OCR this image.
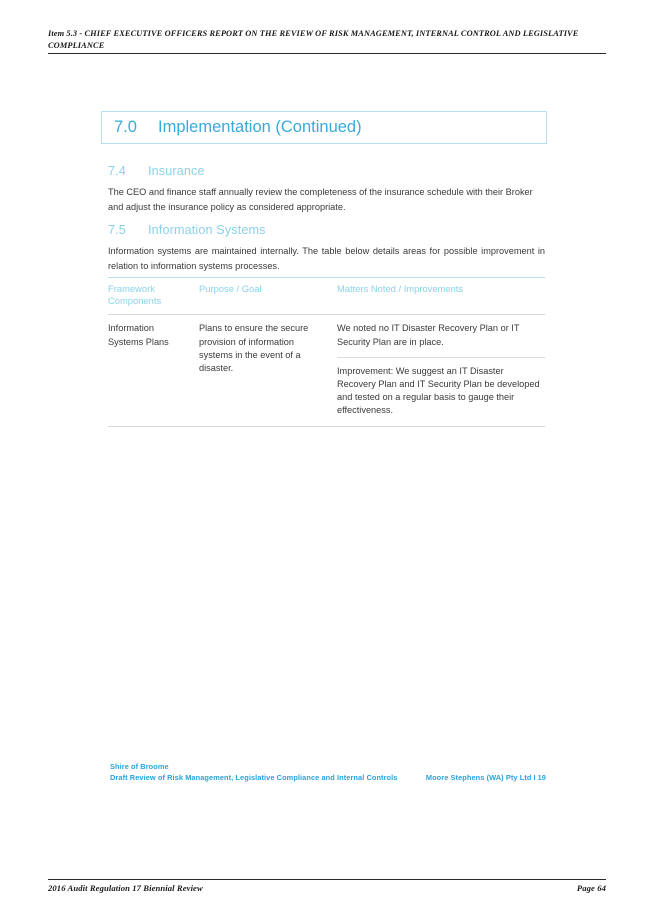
Item 5.3 - CHIEF EXECUTIVE OFFICERS REPORT ON THE REVIEW OF RISK MANAGEMENT, INTERNAL CONTROL AND LEGISLATIVE COMPLIANCE
7.0	Implementation (Continued)
7.4 Insurance
The CEO and finance staff annually review the completeness of the insurance schedule with their Broker and adjust the insurance policy as considered appropriate.
7.5 Information Systems
Information systems are maintained internally. The table below details areas for possible improvement in relation to information systems processes.
Framework Components	Purpose / Goal	Matters Noted / Improvements
Information Systems Plans	Plans to ensure the secure provision of information systems in the event of a disaster.	We noted no IT Disaster Recovery Plan or IT Security Plan are in place.
Improvement: We suggest an IT Disaster Recovery Plan and IT Security Plan be developed and tested on a regular basis to gauge their effectiveness.
Shire of Broome
Draft Review of Risk Management, Legislative Compliance and Internal Controls	Moore Stephens (WA) Pty Ltd I 19
2016 Audit Regulation 17 Biennial Review	Page 64
